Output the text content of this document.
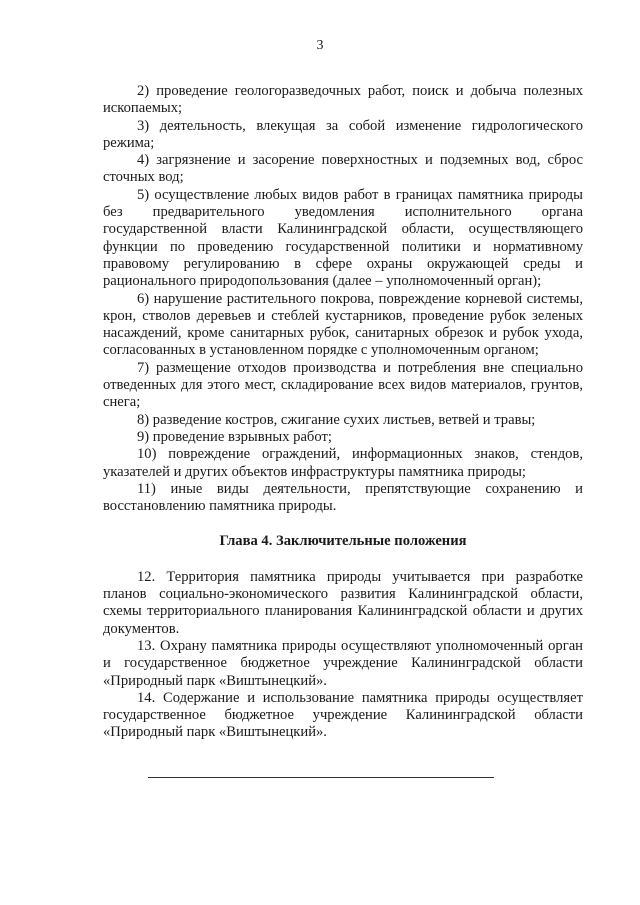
3

2) проведение геологоразведочных работ, поиск и добыча полезных ископаемых;

3) деятельность, влекущая за собой изменение гидрологического режима;

4) загрязнение и засорение поверхностных и подземных вод, сброс сточных вод;

5) осуществление любых видов работ в границах памятника природы без предварительного уведомления исполнительного органа государственной власти Калининградской области, осуществляющего функции по проведению государственной политики и нормативному правовому регулированию в сфере охраны окружающей среды и рационального природопользования (далее – уполномоченный орган);

6) нарушение растительного покрова, повреждение корневой системы, крон, стволов деревьев и стеблей кустарников, проведение рубок зеленых насаждений, кроме санитарных рубок, санитарных обрезок и рубок ухода, согласованных в установленном порядке с уполномоченным органом;

7) размещение отходов производства и потребления вне специально отведенных для этого мест, складирование всех видов материалов, грунтов, снега;

8) разведение костров, сжигание сухих листьев, ветвей и травы;

9) проведение взрывных работ;

10) повреждение ограждений, информационных знаков, стендов, указателей и других объектов инфраструктуры памятника природы;

11) иные виды деятельности, препятствующие сохранению и восстановлению памятника природы.

Глава 4. Заключительные положения

12. Территория памятника природы учитывается при разработке планов социально-экономического развития Калининградской области, схемы территориального планирования Калининградской области и других документов.

13. Охрану памятника природы осуществляют уполномоченный орган и государственное бюджетное учреждение Калининградской области «Природный парк «Виштынецкий».

14. Содержание и использование памятника природы осуществляет государственное бюджетное учреждение Калининградской области «Природный парк «Виштынецкий».
